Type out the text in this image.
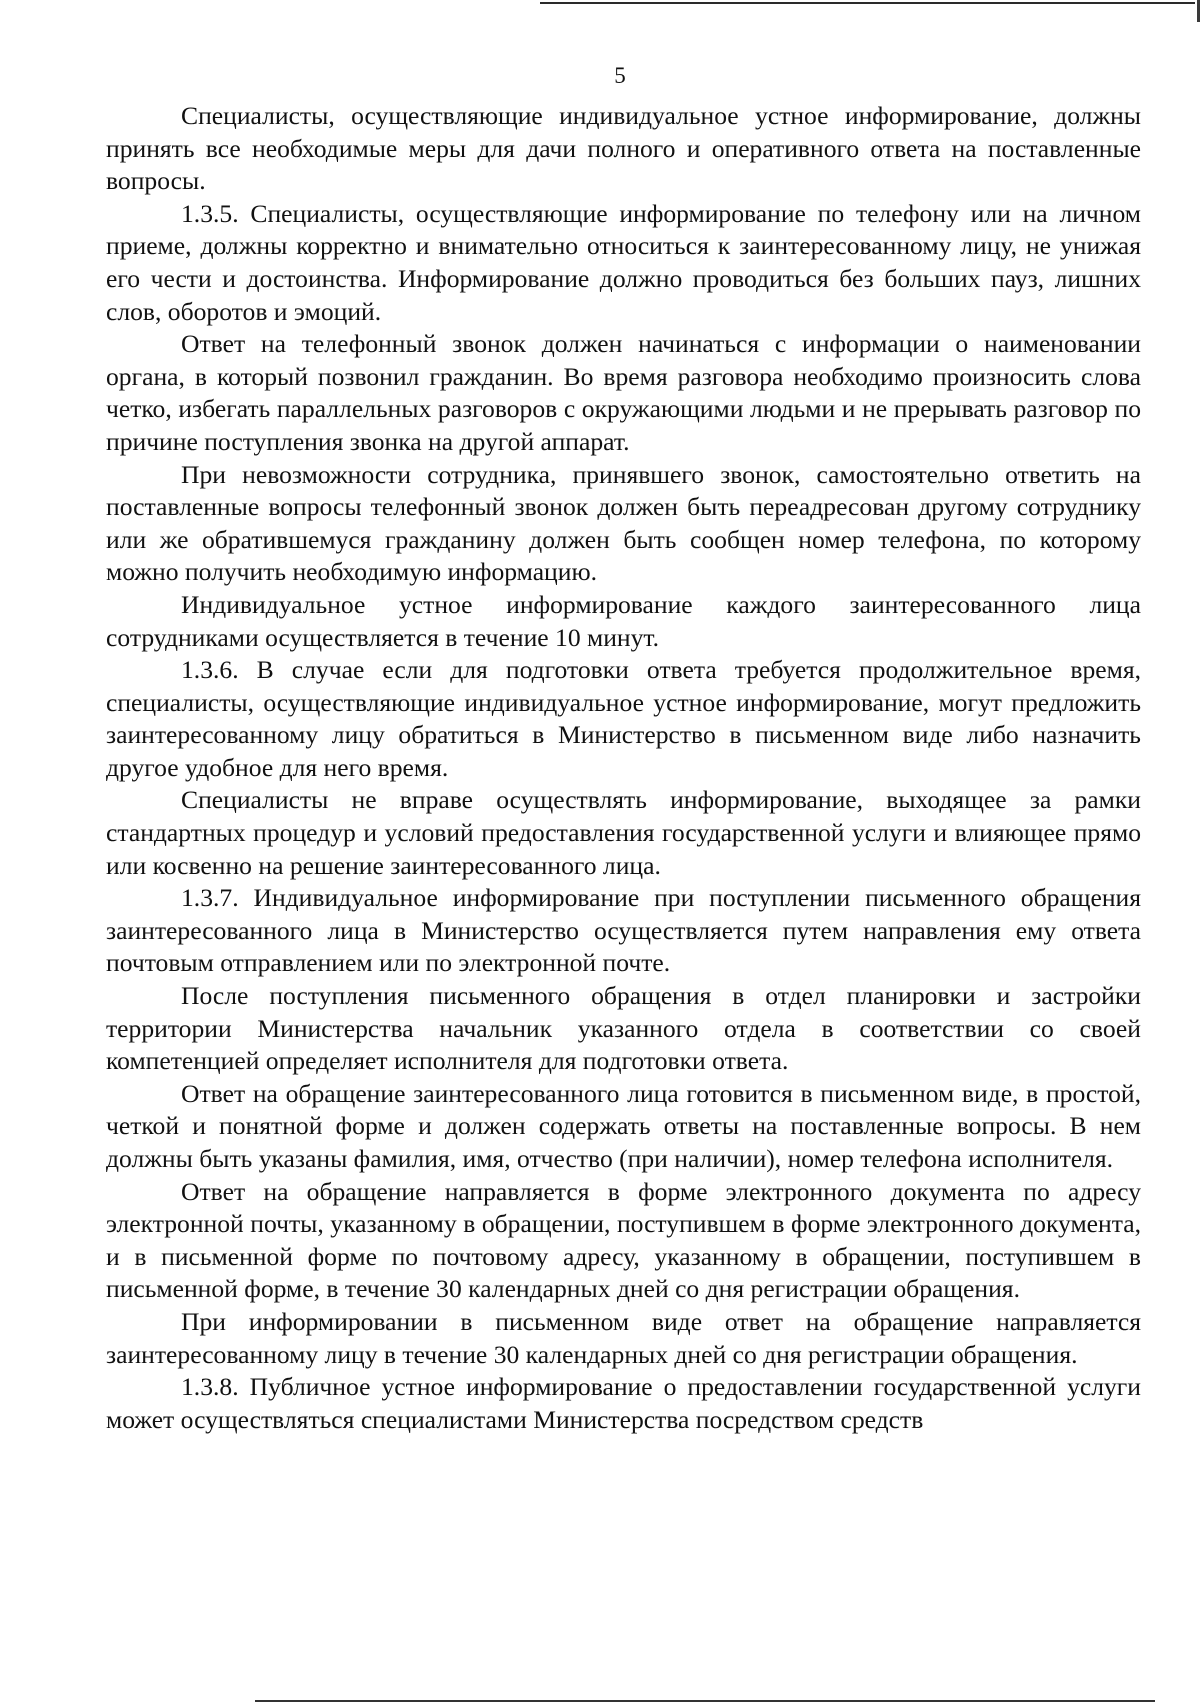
5

Специалисты, осуществляющие индивидуальное устное информирование, должны принять все необходимые меры для дачи полного и оперативного ответа на поставленные вопросы.

1.3.5. Специалисты, осуществляющие информирование по телефону или на личном приеме, должны корректно и внимательно относиться к заинтересованному лицу, не унижая его чести и достоинства. Информирование должно проводиться без больших пауз, лишних слов, оборотов и эмоций.

Ответ на телефонный звонок должен начинаться с информации о наименовании органа, в который позвонил гражданин. Во время разговора необходимо произносить слова четко, избегать параллельных разговоров с окружающими людьми и не прерывать разговор по причине поступления звонка на другой аппарат.

При невозможности сотрудника, принявшего звонок, самостоятельно ответить на поставленные вопросы телефонный звонок должен быть переадресован другому сотруднику или же обратившемуся гражданину должен быть сообщен номер телефона, по которому можно получить необходимую информацию.

Индивидуальное устное информирование каждого заинтересованного лица сотрудниками осуществляется в течение 10 минут.

1.3.6. В случае если для подготовки ответа требуется продолжительное время, специалисты, осуществляющие индивидуальное устное информирование, могут предложить заинтересованному лицу обратиться в Министерство в письменном виде либо назначить другое удобное для него время.

Специалисты не вправе осуществлять информирование, выходящее за рамки стандартных процедур и условий предоставления государственной услуги и влияющее прямо или косвенно на решение заинтересованного лица.

1.3.7. Индивидуальное информирование при поступлении письменного обращения заинтересованного лица в Министерство осуществляется путем направления ему ответа почтовым отправлением или по электронной почте.

После поступления письменного обращения в отдел планировки и застройки территории Министерства начальник указанного отдела в соответствии со своей компетенцией определяет исполнителя для подготовки ответа.

Ответ на обращение заинтересованного лица готовится в письменном виде, в простой, четкой и понятной форме и должен содержать ответы на поставленные вопросы. В нем должны быть указаны фамилия, имя, отчество (при наличии), номер телефона исполнителя.

Ответ на обращение направляется в форме электронного документа по адресу электронной почты, указанному в обращении, поступившем в форме электронного документа, и в письменной форме по почтовому адресу, указанному в обращении, поступившем в письменной форме, в течение 30 календарных дней со дня регистрации обращения.

При информировании в письменном виде ответ на обращение направляется заинтересованному лицу в течение 30 календарных дней со дня регистрации обращения.

1.3.8. Публичное устное информирование о предоставлении государственной услуги может осуществляться специалистами Министерства посредством средств
